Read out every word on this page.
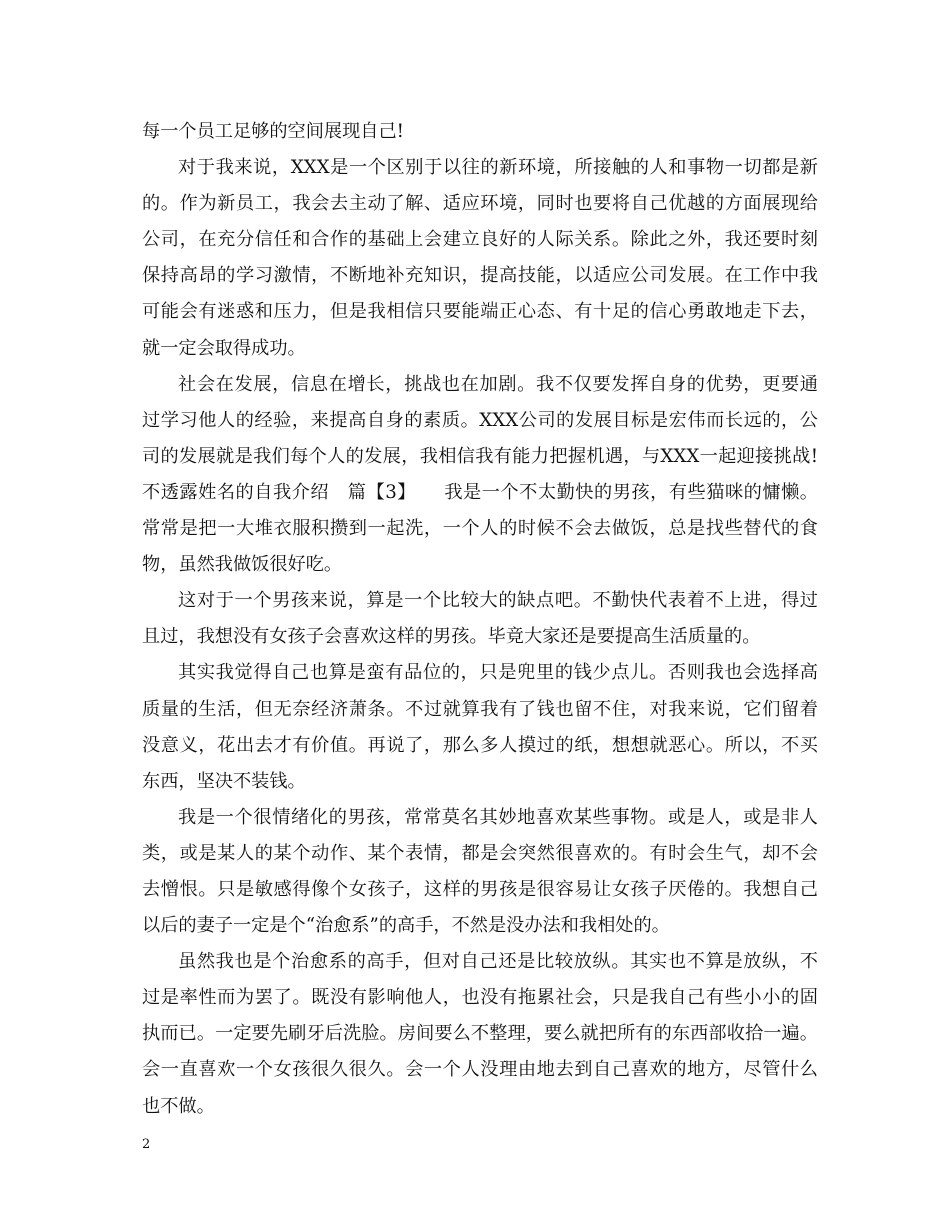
每一个员工足够的空间展现自己!
对于我来说，XXX是一个区别于以往的新环境，所接触的人和事物一切都是新
的。作为新员工，我会去主动了解、适应环境，同时也要将自己优越的方面展现给
公司，在充分信任和合作的基础上会建立良好的人际关系。除此之外，我还要时刻
保持高昂的学习激情，不断地补充知识，提高技能，以适应公司发展。在工作中我
可能会有迷惑和压力，但是我相信只要能端正心态、有十足的信心勇敢地走下去，
就一定会取得成功。
社会在发展，信息在增长，挑战也在加剧。我不仅要发挥自身的优势，更要通
过学习他人的经验，来提高自身的素质。XXX公司的发展目标是宏伟而长远的，公
司的发展就是我们每个人的发展，我相信我有能力把握机遇，与XXX一起迎接挑战!
不透露姓名的自我介绍　篇【3】　　我是一个不太勤快的男孩，有些猫咪的慵懒。
常常是把一大堆衣服积攒到一起洗，一个人的时候不会去做饭，总是找些替代的食
物，虽然我做饭很好吃。
这对于一个男孩来说，算是一个比较大的缺点吧。不勤快代表着不上进，得过
且过，我想没有女孩子会喜欢这样的男孩。毕竟大家还是要提高生活质量的。
其实我觉得自己也算是蛮有品位的，只是兜里的钱少点儿。否则我也会选择高
质量的生活，但无奈经济萧条。不过就算我有了钱也留不住，对我来说，它们留着
没意义，花出去才有价值。再说了，那么多人摸过的纸，想想就恶心。所以，不买
东西，坚决不装钱。
我是一个很情绪化的男孩，常常莫名其妙地喜欢某些事物。或是人，或是非人
类，或是某人的某个动作、某个表情，都是会突然很喜欢的。有时会生气，却不会
去憎恨。只是敏感得像个女孩子，这样的男孩是很容易让女孩子厌倦的。我想自己
以后的妻子一定是个“治愈系”的高手，不然是没办法和我相处的。
虽然我也是个治愈系的高手，但对自己还是比较放纵。其实也不算是放纵，不
过是率性而为罢了。既没有影响他人，也没有拖累社会，只是我自己有些小小的固
执而已。一定要先刷牙后洗脸。房间要么不整理，要么就把所有的东西部收拾一遍。
会一直喜欢一个女孩很久很久。会一个人没理由地去到自己喜欢的地方，尽管什么
也不做。
2
